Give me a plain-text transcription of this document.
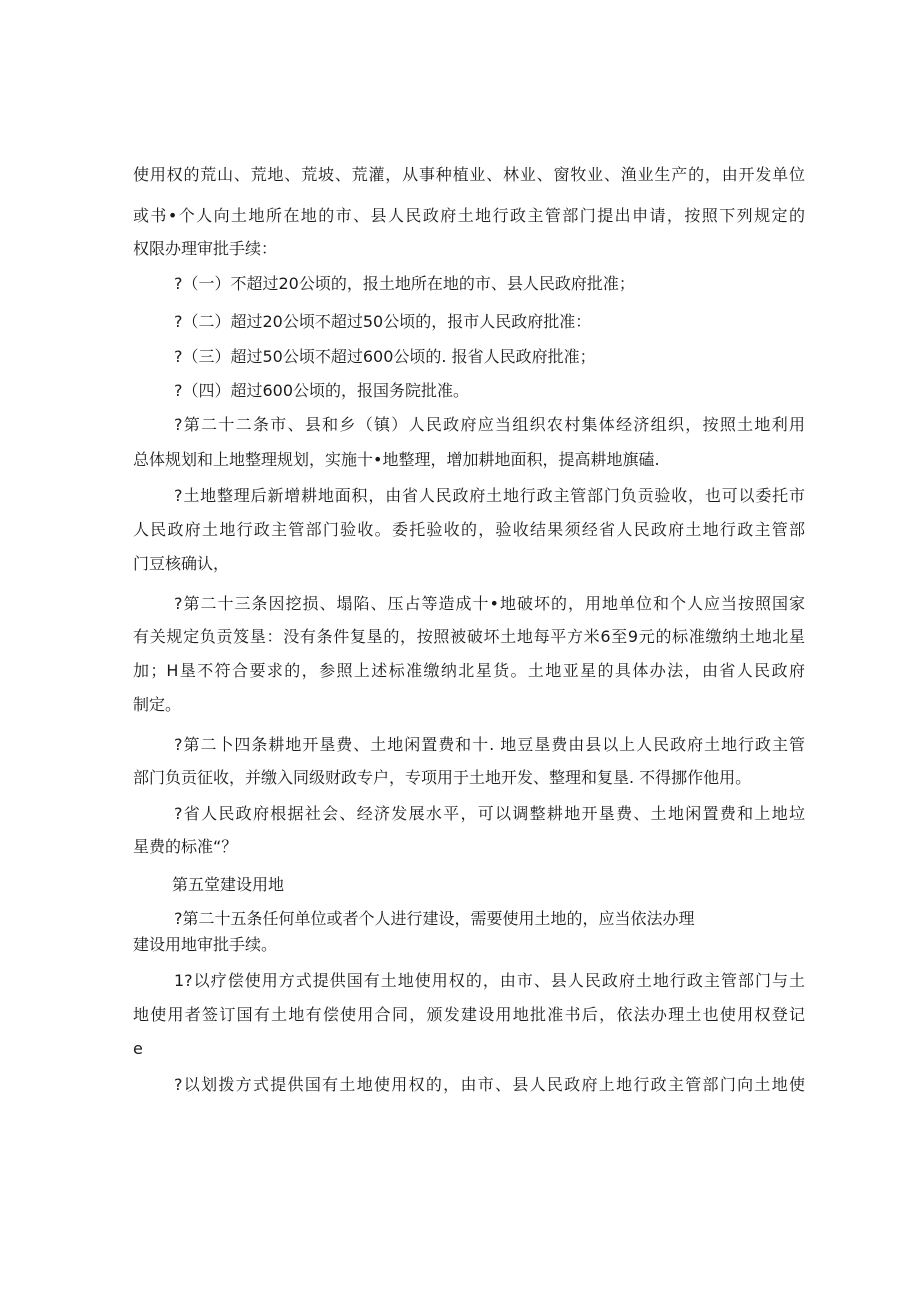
使用权的荒山、荒地、荒坡、荒灌，从事种植业、林业、窗牧业、渔业生产的，由开发单位
或书•个人向土地所在地的市、县人民政府土地行政主管部门提出申请，按照下列规定的
权限办理审批手续：
?（一）不超过20公顷的，报土地所在地的市、县人民政府批准；
?（二）超过20公顷不超过50公顷的，报市人民政府批准：
?（三）超过50公顷不超过600公顷的. 报省人民政府批准；
?（四）超过600公顷的，报国务院批准。
?第二十二条市、县和乡（镇）人民政府应当组织农村集体经济组织，按照土地利用
总体规划和上地整理规划，实施十•地整理，增加耕地面积，提高耕地旗磕.
?土地整理后新增耕地面积，由省人民政府土地行政主管部门负贡验收，也可以委托市
人民政府土地行政主管部门验收。委托验收的，验收结果须经省人民政府土地行政主管部
门豆核确认，
?第二十三条因挖损、塌陷、压占等造成十•地破坏的，用地单位和个人应当按照国家
有关规定负贡笈垦：没有条件复垦的，按照被破坏土地每平方米6至9元的标准缴纳土地北星
加；H垦不符合要求的，参照上述标准缴纳北星货。土地亚星的具体办法，由省人民政府
制定。
?第二卜四条耕地开垦费、土地闲置费和十. 地豆垦费由县以上人民政府土地行政主管
部门负贡征收，并缴入同级财政专户，专项用于土地开发、整理和复垦. 不得挪作他用。
?省人民政府根据社会、经济发展水平，可以调整耕地开垦费、土地闲置费和上地垃
星费的标准“？
第五堂建设用地
?第二十五条任何单位或者个人进行建设，需要使用土地的，应当依法办理
建设用地审批手续。
1?以疗偿使用方式提供国有土地使用权的，由市、县人民政府土地行政主管部门与土
地使用者签订国有土地有偿使用合同，颁发建设用地批准书后，依法办理土也使用权登记
e
?以划拨方式提供国有土地使用权的，由市、县人民政府上地行政主管部门向土地使
